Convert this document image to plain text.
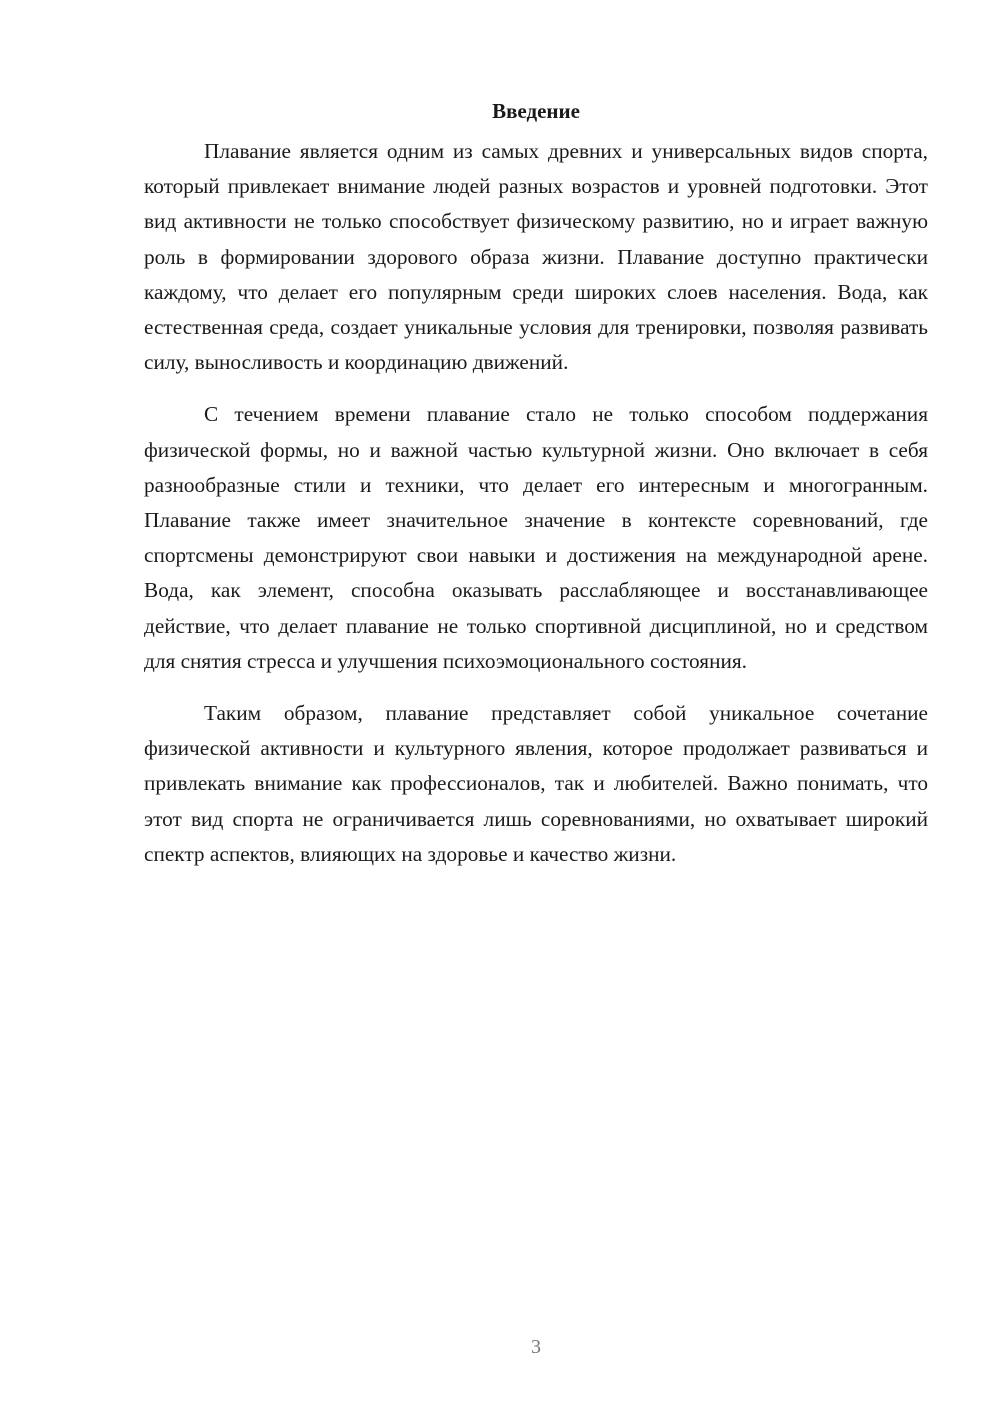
Введение

Плавание является одним из самых древних и универсальных видов спорта, который привлекает внимание людей разных возрастов и уровней подготовки. Этот вид активности не только способствует физическому развитию, но и играет важную роль в формировании здорового образа жизни. Плавание доступно практически каждому, что делает его популярным среди широких слоев населения. Вода, как естественная среда, создает уникальные условия для тренировки, позволяя развивать силу, выносливость и координацию движений.

С течением времени плавание стало не только способом поддержания физической формы, но и важной частью культурной жизни. Оно включает в себя разнообразные стили и техники, что делает его интересным и многогранным. Плавание также имеет значительное значение в контексте соревнований, где спортсмены демонстрируют свои навыки и достижения на международной арене. Вода, как элемент, способна оказывать расслабляющее и восстанавливающее действие, что делает плавание не только спортивной дисциплиной, но и средством для снятия стресса и улучшения психоэмоционального состояния.

Таким образом, плавание представляет собой уникальное сочетание физической активности и культурного явления, которое продолжает развиваться и привлекать внимание как профессионалов, так и любителей. Важно понимать, что этот вид спорта не ограничивается лишь соревнованиями, но охватывает широкий спектр аспектов, влияющих на здоровье и качество жизни.

3
